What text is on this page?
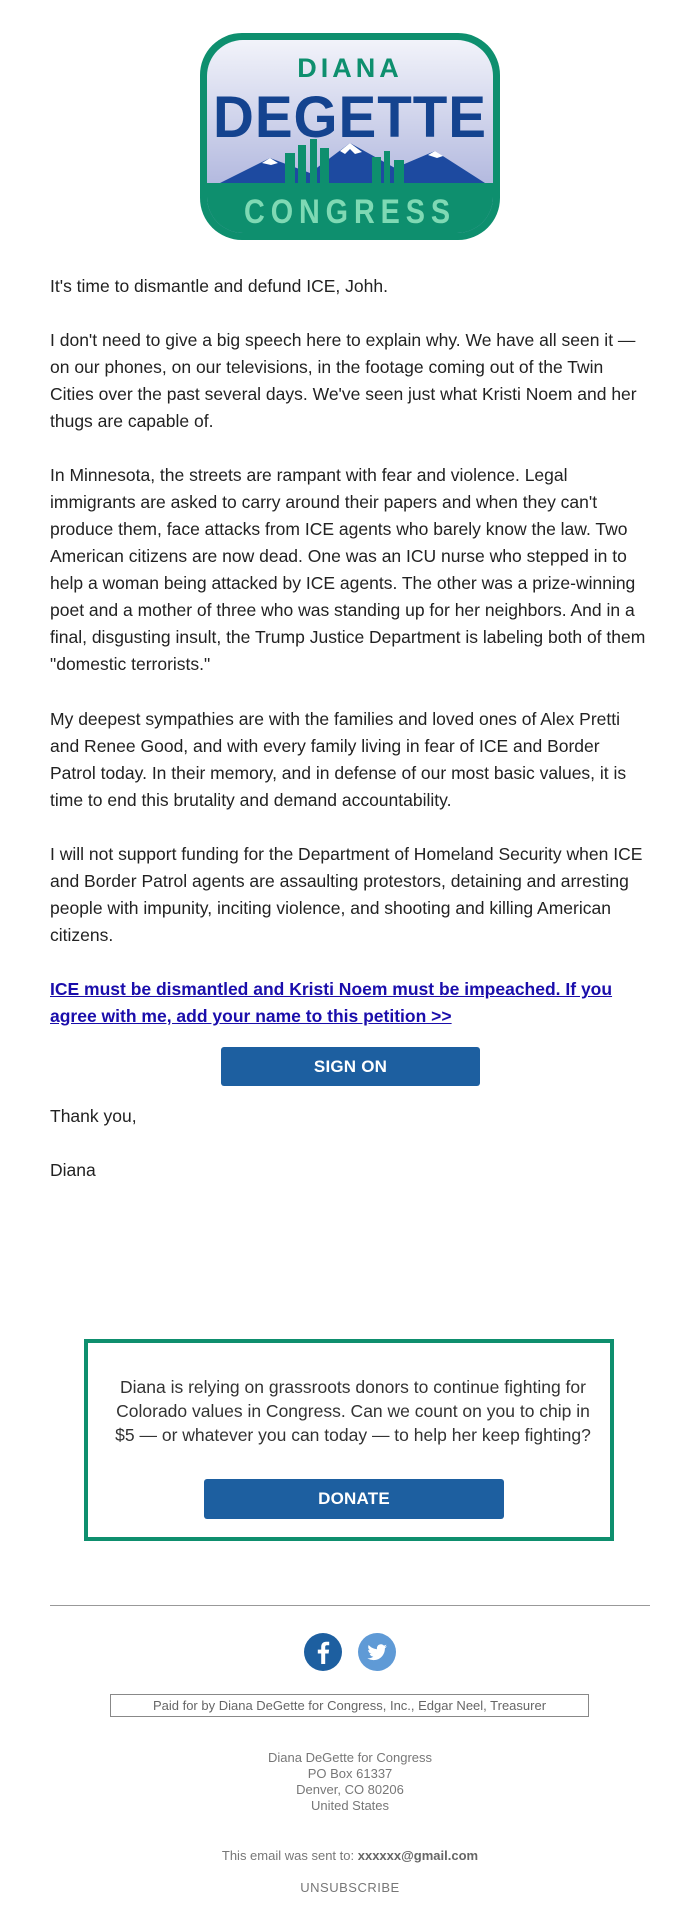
DIANA
DEGETTE
CONGRESS

It's time to dismantle and defund ICE, Johh.

I don't need to give a big speech here to explain why. We have all seen it — on our phones, on our televisions, in the footage coming out of the Twin Cities over the past several days. We've seen just what Kristi Noem and her thugs are capable of.

In Minnesota, the streets are rampant with fear and violence. Legal immigrants are asked to carry around their papers and when they can't produce them, face attacks from ICE agents who barely know the law. Two American citizens are now dead. One was an ICU nurse who stepped in to help a woman being attacked by ICE agents. The other was a prize-winning poet and a mother of three who was standing up for her neighbors. And in a final, disgusting insult, the Trump Justice Department is labeling both of them "domestic terrorists."

My deepest sympathies are with the families and loved ones of Alex Pretti and Renee Good, and with every family living in fear of ICE and Border Patrol today. In their memory, and in defense of our most basic values, it is time to end this brutality and demand accountability.

I will not support funding for the Department of Homeland Security when ICE and Border Patrol agents are assaulting protestors, detaining and arresting people with impunity, inciting violence, and shooting and killing American citizens.

ICE must be dismantled and Kristi Noem must be impeached. If you agree with me, add your name to this petition >>

SIGN ON

Thank you,

Diana

Diana is relying on grassroots donors to continue fighting for Colorado values in Congress. Can we count on you to chip in $5 — or whatever you can today — to help her keep fighting?
DONATE
Paid for by Diana DeGette for Congress, Inc., Edgar Neel, Treasurer
Diana DeGette for Congress
PO Box 61337
Denver, CO 80206
United States
This email was sent to: xxxxxx@gmail.com
UNSUBSCRIBE
